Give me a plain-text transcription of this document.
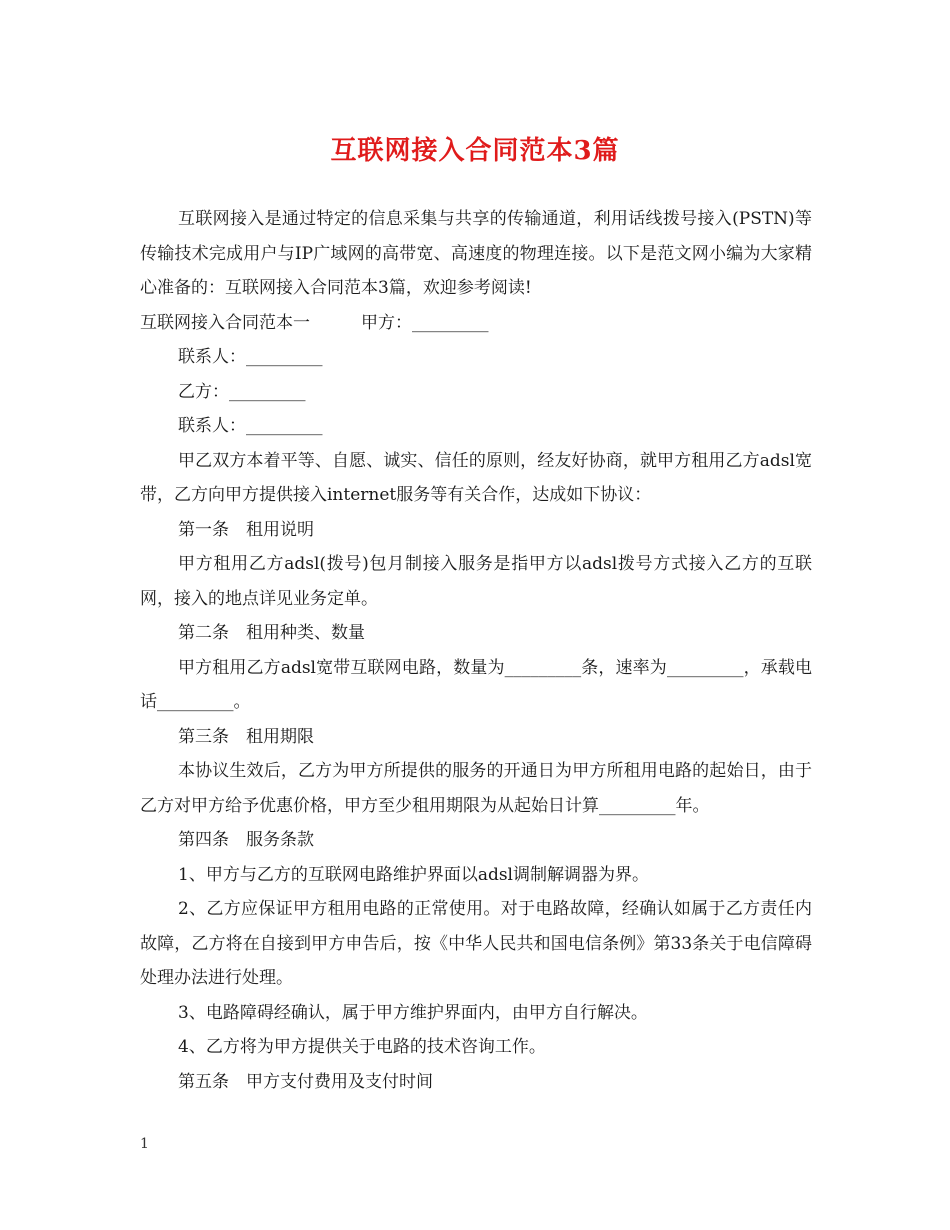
互联网接入合同范本3篇

互联网接入是通过特定的信息采集与共享的传输通道，利用话线拨号接入(PSTN)等传输技术完成用户与IP广域网的高带宽、高速度的物理连接。以下是范文网小编为大家精心准备的：互联网接入合同范本3篇，欢迎参考阅读!

互联网接入合同范本一　　　甲方：_________

联系人：_________

乙方：_________

联系人：_________

甲乙双方本着平等、自愿、诚实、信任的原则，经友好协商，就甲方租用乙方adsl宽带，乙方向甲方提供接入internet服务等有关合作，达成如下协议：

第一条　租用说明

甲方租用乙方adsl(拨号)包月制接入服务是指甲方以adsl拨号方式接入乙方的互联网，接入的地点详见业务定单。

第二条　租用种类、数量

甲方租用乙方adsl宽带互联网电路，数量为_________条，速率为_________，承载电话_________。

第三条　租用期限

本协议生效后，乙方为甲方所提供的服务的开通日为甲方所租用电路的起始日，由于乙方对甲方给予优惠价格，甲方至少租用期限为从起始日计算_________年。

第四条　服务条款

1、甲方与乙方的互联网电路维护界面以adsl调制解调器为界。

2、乙方应保证甲方租用电路的正常使用。对于电路故障，经确认如属于乙方责任内故障，乙方将在自接到甲方申告后，按《中华人民共和国电信条例》第33条关于电信障碍处理办法进行处理。

3、电路障碍经确认，属于甲方维护界面内，由甲方自行解决。

4、乙方将为甲方提供关于电路的技术咨询工作。

第五条　甲方支付费用及支付时间

1
